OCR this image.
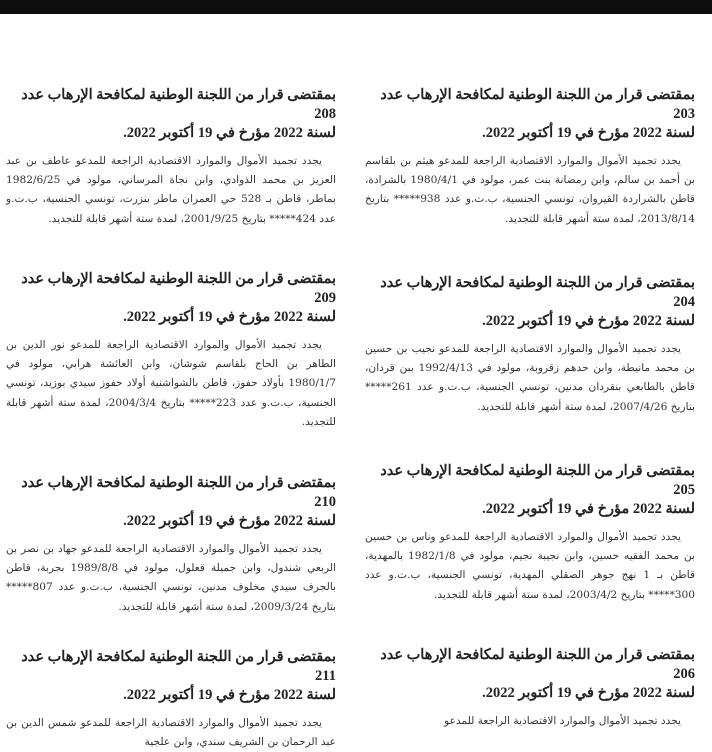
بمقتضى قرار من اللجنة الوطنية لمكافحة الإرهاب عدد 203
لسنة 2022 مؤرخ في 19 أكتوبر 2022.

يجدد تجميد الأموال والموارد الاقتصادية الراجعة للمدعو هيثم بن بلقاسم بن أحمد بن سالم، وابن رمضانة بنت عمر، مولود في 1980/4/1 بالشرادة، قاطن بالشراردة القيروان، تونسي الجنسية، ب.ت.و عدد 938***** بتاريخ 2013/8/14، لمدة ستة أشهر قابلة للتجديد.

بمقتضى قرار من اللجنة الوطنية لمكافحة الإرهاب عدد 204
لسنة 2022 مؤرخ في 19 أكتوبر 2022.

يجدد تجميد الأموال والموارد الاقتصادية الراجعة للمدعو نجيب بن حسين بن محمد مانيطة، وابن حدهم زقروبة، مولود في 1992/4/13 ببن قردان، قاطن بالطابعي بنقردان مدنين، تونسي الجنسية، ب.ت.و عدد 261***** بتاريخ 2007/4/26، لمدة ستة أشهر قابلة للتجديد.

بمقتضى قرار من اللجنة الوطنية لمكافحة الإرهاب عدد 205
لسنة 2022 مؤرخ في 19 أكتوبر 2022.

يجدد تجميد الأموال والموارد الاقتصادية الراجعة للمدعو وناس بن حسين بن محمد الفقيه حسين، وابن نجيبة نجيم، مولود في 1982/1/8 بالمهدية، قاطن بـ 1 نهج جوهر الصقلي المهدية، تونسي الجنسية، ب.ت.و عدد 300***** بتاريخ 2003/4/2، لمدة ستة أشهر قابلة للتجديد.

بمقتضى قرار من اللجنة الوطنية لمكافحة الإرهاب عدد 206
لسنة 2022 مؤرخ في 19 أكتوبر 2022.

يجدد تجميد الأموال والموارد الاقتصادية الراجعة للمدعو

بمقتضى قرار من اللجنة الوطنية لمكافحة الإرهاب عدد 208
لسنة 2022 مؤرخ في 19 أكتوبر 2022.

يجدد تجميد الأموال والموارد الاقتصادية الراجعة للمدعو عاطف بن عبد العزيز بن محمد الذوادي، وابن نجاة المرساني، مولود في 1982/6/25 بماطر، قاطن بـ 528 حي العمران ماطر بنزرت، تونسي الجنسية، ب.ت.و عدد 424***** بتاريخ 2001/9/25، لمدة ستة أشهر قابلة للتجديد.

بمقتضى قرار من اللجنة الوطنية لمكافحة الإرهاب عدد 209
لسنة 2022 مؤرخ في 19 أكتوبر 2022.

يجدد تجميد الأموال والموارد الاقتصادية الراجعة للمدعو نور الدين بن الطاهر بن الحاج بلقاسم شوشان، وابن العائشة هرابي، مولود في 1980/1/7 بأولاد حفوز، قاطن بالشواشنية أولاد حفوز سيدي بوزيد، تونسي الجنسية، ب.ت.و عدد 223***** بتاريخ 2004/3/4، لمدة ستة أشهر قابلة للتجديد.

بمقتضى قرار من اللجنة الوطنية لمكافحة الإرهاب عدد 210
لسنة 2022 مؤرخ في 19 أكتوبر 2022.

يجدد تجميد الأموال والموارد الاقتصادية الراجعة للمدعو جهاد بن نصر بن الربعي شندول، وابن جميلة قعلول، مولود في 1989/8/8 بجربة، قاطن بالجرف سيدي مخلوف مدنين، تونسي الجنسية، ب.ت.و عدد 807***** بتاريخ 2009/3/24، لمدة ستة أشهر قابلة للتجديد.

بمقتضى قرار من اللجنة الوطنية لمكافحة الإرهاب عدد 211
لسنة 2022 مؤرخ في 19 أكتوبر 2022.

يجدد تجميد الأموال والموارد الاقتصادية الراجعة للمدعو شمس الدين بن عبد الرحمان بن الشريف سندي، وابن علجية
